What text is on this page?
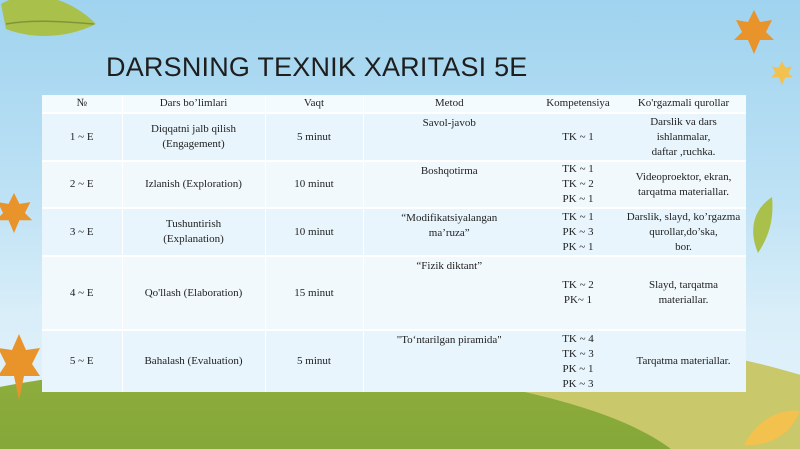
DARSNING TEXNIK XARITASI 5E
№	Dars bo’limlari	Vaqt	Metod	Kompetensiya	Ko'rgazmali qurollar
1 ~ E	Diqqatni jalb qilish
(Engagement)	5 minut	Savol-javob	TK ~ 1	Darslik va dars
ishlanmalar,
daftar ,ruchka.

2 ~ E	Izlanish (Exploration)	10 minut	Boshqotirma	TK ~ 1
TK ~ 2
PK ~ 1	Videoproektor, ekran,
tarqatma materiallar.

3 ~ E	Tushuntirish
(Explanation)	10 minut	“Modifikatsiyalangan
ma’ruza”	TK ~ 1
PK ~ 3
PK ~ 1	Darslik, slayd, ko’rgazma
qurollar,do’ska,
bor.

4 ~ E	Qo'llash (Elaboration)	15 minut	“Fizik diktant”	TK ~ 2
PK~ 1	Slayd, tarqatma
materiallar.

5 ~ E	Bahalash (Evaluation)	5 minut	"To‘ntarilgan piramida"	TK ~ 4
TK ~ 3
PK ~ 1
PK ~ 3	Tarqatma materiallar.
